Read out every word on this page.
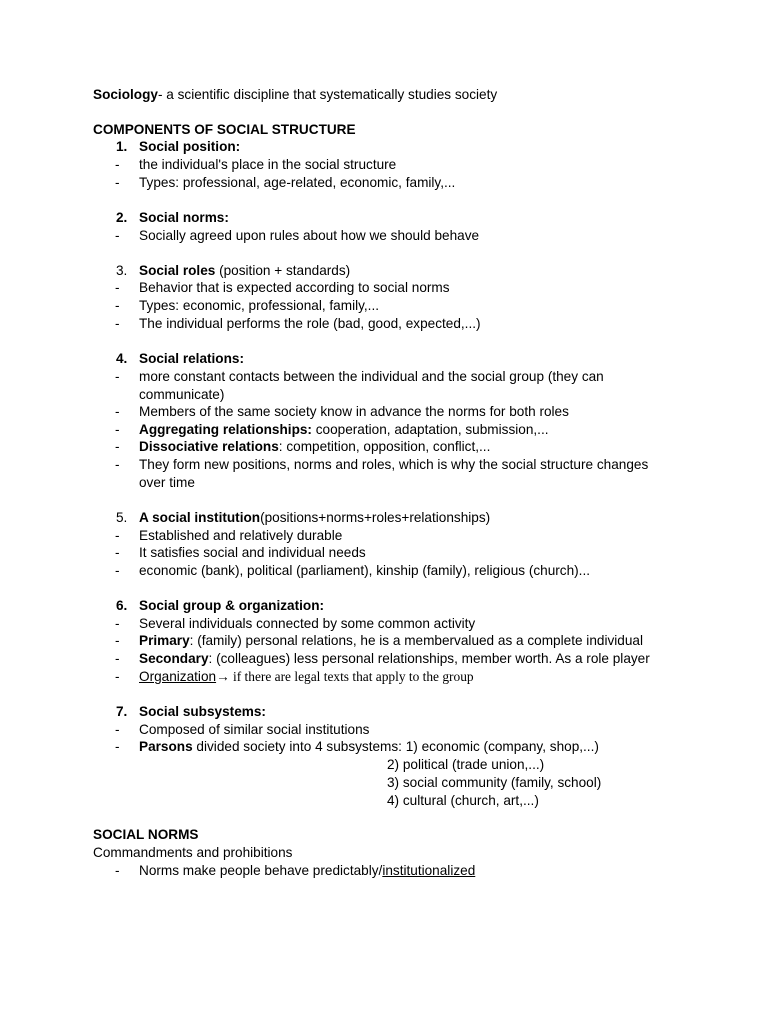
Sociology- a scientific discipline that systematically studies society
COMPONENTS OF SOCIAL STRUCTURE
1. Social position:
- the individual's place in the social structure
- Types: professional, age-related, economic, family,...
2. Social norms:
- Socially agreed upon rules about how we should behave
3. Social roles (position + standards)
- Behavior that is expected according to social norms
- Types: economic, professional, family,...
- The individual performs the role (bad, good, expected,...)
4. Social relations:
- more constant contacts between the individual and the social group (they can
communicate)
- Members of the same society know in advance the norms for both roles
- Aggregating relationships: cooperation, adaptation, submission,...
- Dissociative relations: competition, opposition, conflict,...
- They form new positions, norms and roles, which is why the social structure changes
over time
5. A social institution(positions+norms+roles+relationships)
- Established and relatively durable
- It satisfies social and individual needs
- economic (bank), political (parliament), kinship (family), religious (church)...
6. Social group & organization:
- Several individuals connected by some common activity
- Primary: (family) personal relations, he is a membervalued as a complete individual
- Secondary: (colleagues) less personal relationships, member worth. As a role player
- Organization→ if there are legal texts that apply to the group
7. Social subsystems:
- Composed of similar social institutions
- Parsons divided society into 4 subsystems: 1) economic (company, shop,...)
2) political (trade union,...)
3) social community (family, school)
4) cultural (church, art,...)
SOCIAL NORMS
Commandments and prohibitions
- Norms make people behave predictably/institutionalized
